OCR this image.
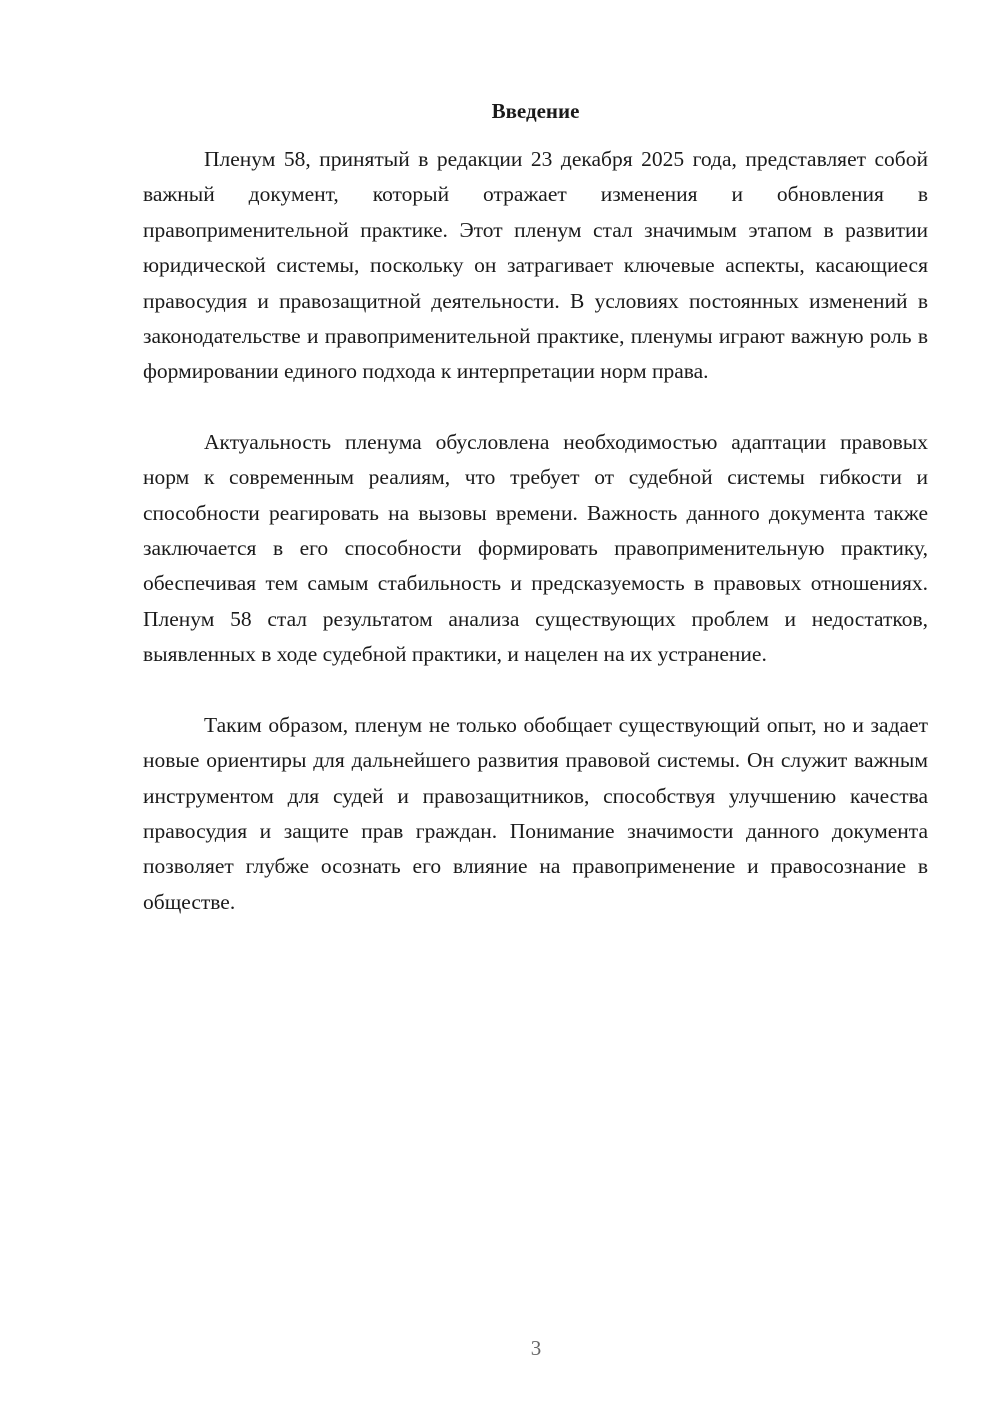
Введение

Пленум 58, принятый в редакции 23 декабря 2025 года, представляет собой важный документ, который отражает изменения и обновления в правоприменительной практике. Этот пленум стал значимым этапом в развитии юридической системы, поскольку он затрагивает ключевые аспекты, касающиеся правосудия и правозащитной деятельности. В условиях постоянных изменений в законодательстве и правоприменительной практике, пленумы играют важную роль в формировании единого подхода к интерпретации норм права.

Актуальность пленума обусловлена необходимостью адаптации правовых норм к современным реалиям, что требует от судебной системы гибкости и способности реагировать на вызовы времени. Важность данного документа также заключается в его способности формировать правоприменительную практику, обеспечивая тем самым стабильность и предсказуемость в правовых отношениях. Пленум 58 стал результатом анализа существующих проблем и недостатков, выявленных в ходе судебной практики, и нацелен на их устранение.

Таким образом, пленум не только обобщает существующий опыт, но и задает новые ориентиры для дальнейшего развития правовой системы. Он служит важным инструментом для судей и правозащитников, способствуя улучшению качества правосудия и защите прав граждан. Понимание значимости данного документа позволяет глубже осознать его влияние на правоприменение и правосознание в обществе.

3
